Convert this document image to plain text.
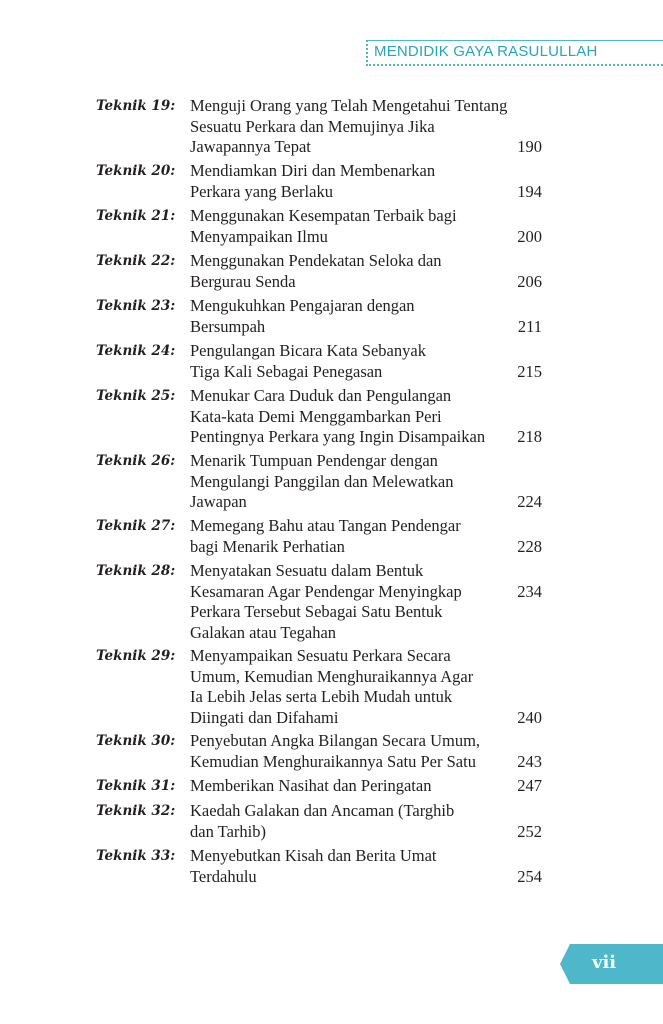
MENDIDIK GAYA RASULULLAH
Teknik 19: Menguji Orang yang Telah Mengetahui Tentang
Sesuatu Perkara dan Memujinya Jika
Jawapannya Tepat	190
Teknik 20: Mendiamkan Diri dan Membenarkan
Perkara yang Berlaku	194
Teknik 21: Menggunakan Kesempatan Terbaik bagi
Menyampaikan Ilmu	200
Teknik 22: Menggunakan Pendekatan Seloka dan
Bergurau Senda	206
Teknik 23: Mengukuhkan Pengajaran dengan
Bersumpah	211
Teknik 24: Pengulangan Bicara Kata Sebanyak
Tiga Kali Sebagai Penegasan	215
Teknik 25: Menukar Cara Duduk dan Pengulangan
Kata-kata Demi Menggambarkan Peri
Pentingnya Perkara yang Ingin Disampaikan	218
Teknik 26: Menarik Tumpuan Pendengar dengan
Mengulangi Panggilan dan Melewatkan
Jawapan	224
Teknik 27: Memegang Bahu atau Tangan Pendengar
bagi Menarik Perhatian	228
Teknik 28: Menyatakan Sesuatu dalam Bentuk
Kesamaran Agar Pendengar Menyingkap
Perkara Tersebut Sebagai Satu Bentuk
Galakan atau Tegahan
234
Teknik 29: Menyampaikan Sesuatu Perkara Secara
Umum, Kemudian Menghuraikannya Agar
Ia Lebih Jelas serta Lebih Mudah untuk
Diingati dan Difahami	240
Teknik 30: Penyebutan Angka Bilangan Secara Umum,
Kemudian Menghuraikannya Satu Per Satu	243
Teknik 31: Memberikan Nasihat dan Peringatan	247
Teknik 32: Kaedah Galakan dan Ancaman (Targhib
dan Tarhib)	252
Teknik 33: Menyebutkan Kisah dan Berita Umat
Terdahulu	254
vii
